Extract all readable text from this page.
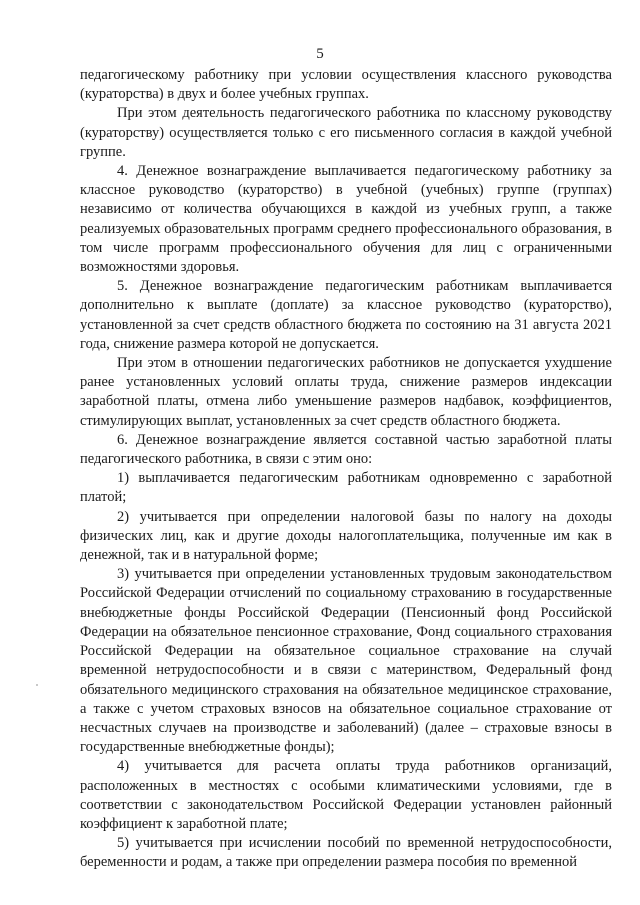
5

педагогическому работнику при условии осуществления классного руководства (кураторства) в двух и более учебных группах.

При этом деятельность педагогического работника по классному руководству (кураторству) осуществляется только с его письменного согласия в каждой учебной группе.

4. Денежное вознаграждение выплачивается педагогическому работнику за классное руководство (кураторство) в учебной (учебных) группе (группах) независимо от количества обучающихся в каждой из учебных групп, а также реализуемых образовательных программ среднего профессионального образования, в том числе программ профессионального обучения для лиц с ограниченными возможностями здоровья.

5. Денежное вознаграждение педагогическим работникам выплачивается дополнительно к выплате (доплате) за классное руководство (кураторство), установленной за счет средств областного бюджета по состоянию на 31 августа 2021 года, снижение размера которой не допускается.

При этом в отношении педагогических работников не допускается ухудшение ранее установленных условий оплаты труда, снижение размеров индексации заработной платы, отмена либо уменьшение размеров надбавок, коэффициентов, стимулирующих выплат, установленных за счет средств областного бюджета.

6. Денежное вознаграждение является составной частью заработной платы педагогического работника, в связи с этим оно:

1) выплачивается педагогическим работникам одновременно с заработной платой;

2) учитывается при определении налоговой базы по налогу на доходы физических лиц, как и другие доходы налогоплательщика, полученные им как в денежной, так и в натуральной форме;

3) учитывается при определении установленных трудовым законодательством Российской Федерации отчислений по социальному страхованию в государственные внебюджетные фонды Российской Федерации (Пенсионный фонд Российской Федерации на обязательное пенсионное страхование, Фонд социального страхования Российской Федерации на обязательное социальное страхование на случай временной нетрудоспособности и в связи с материнством, Федеральный фонд обязательного медицинского страхования на обязательное медицинское страхование, а также с учетом страховых взносов на обязательное социальное страхование от несчастных случаев на производстве и заболеваний) (далее – страховые взносы в государственные внебюджетные фонды);

4) учитывается для расчета оплаты труда работников организаций, расположенных в местностях с особыми климатическими условиями, где в соответствии с законодательством Российской Федерации установлен районный коэффициент к заработной плате;

5) учитывается при исчислении пособий по временной нетрудоспособности, беременности и родам, а также при определении размера пособия по временной
